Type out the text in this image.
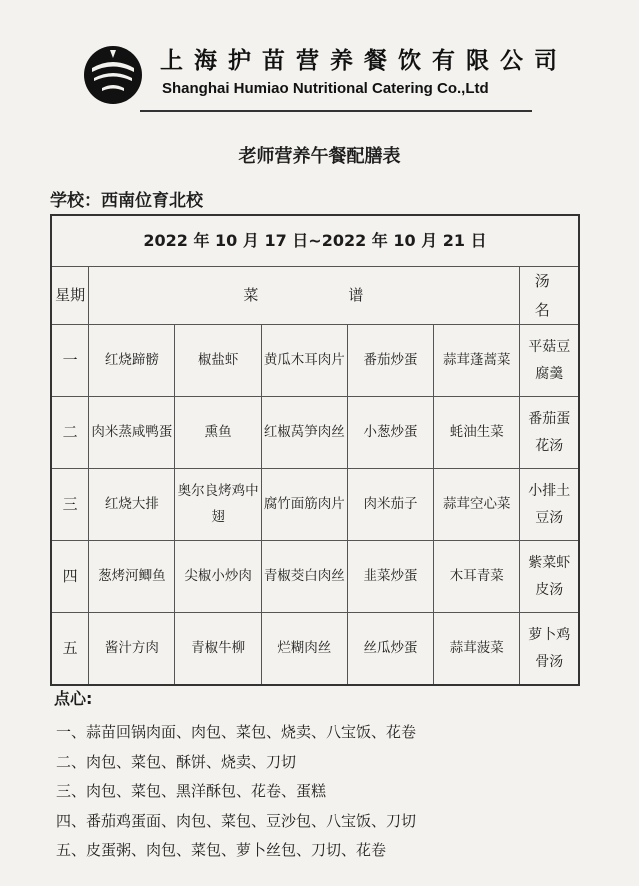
上海护苗营养餐饮有限公司
Shanghai Humiao Nutritional Catering Co.,Ltd
老师营养午餐配膳表
学校：西南位育北校
2022 年 10 月 17 日~2022 年 10 月 21 日						
星期	菜谱					汤名
一	红烧蹄髈	椒盐虾	黄瓜木耳肉片	番茄炒蛋	蒜茸蓬蒿菜	平菇豆腐羹
二	肉米蒸咸鸭蛋	熏鱼	红椒莴笋肉丝	小葱炒蛋	蚝油生菜	番茄蛋花汤
三	红烧大排	奥尔良烤鸡中翅	腐竹面筋肉片	肉米茄子	蒜茸空心菜	小排土豆汤
四	葱烤河鲫鱼	尖椒小炒肉	青椒茭白肉丝	韭菜炒蛋	木耳青菜	紫菜虾皮汤
五	酱汁方肉	青椒牛柳	烂糊肉丝	丝瓜炒蛋	蒜茸菠菜	萝卜鸡骨汤
点心:
一、蒜苗回锅肉面、肉包、菜包、烧卖、八宝饭、花卷
二、肉包、菜包、酥饼、烧卖、刀切
三、肉包、菜包、黑洋酥包、花卷、蛋糕
四、番茄鸡蛋面、肉包、菜包、豆沙包、八宝饭、刀切
五、皮蛋粥、肉包、菜包、萝卜丝包、刀切、花卷
